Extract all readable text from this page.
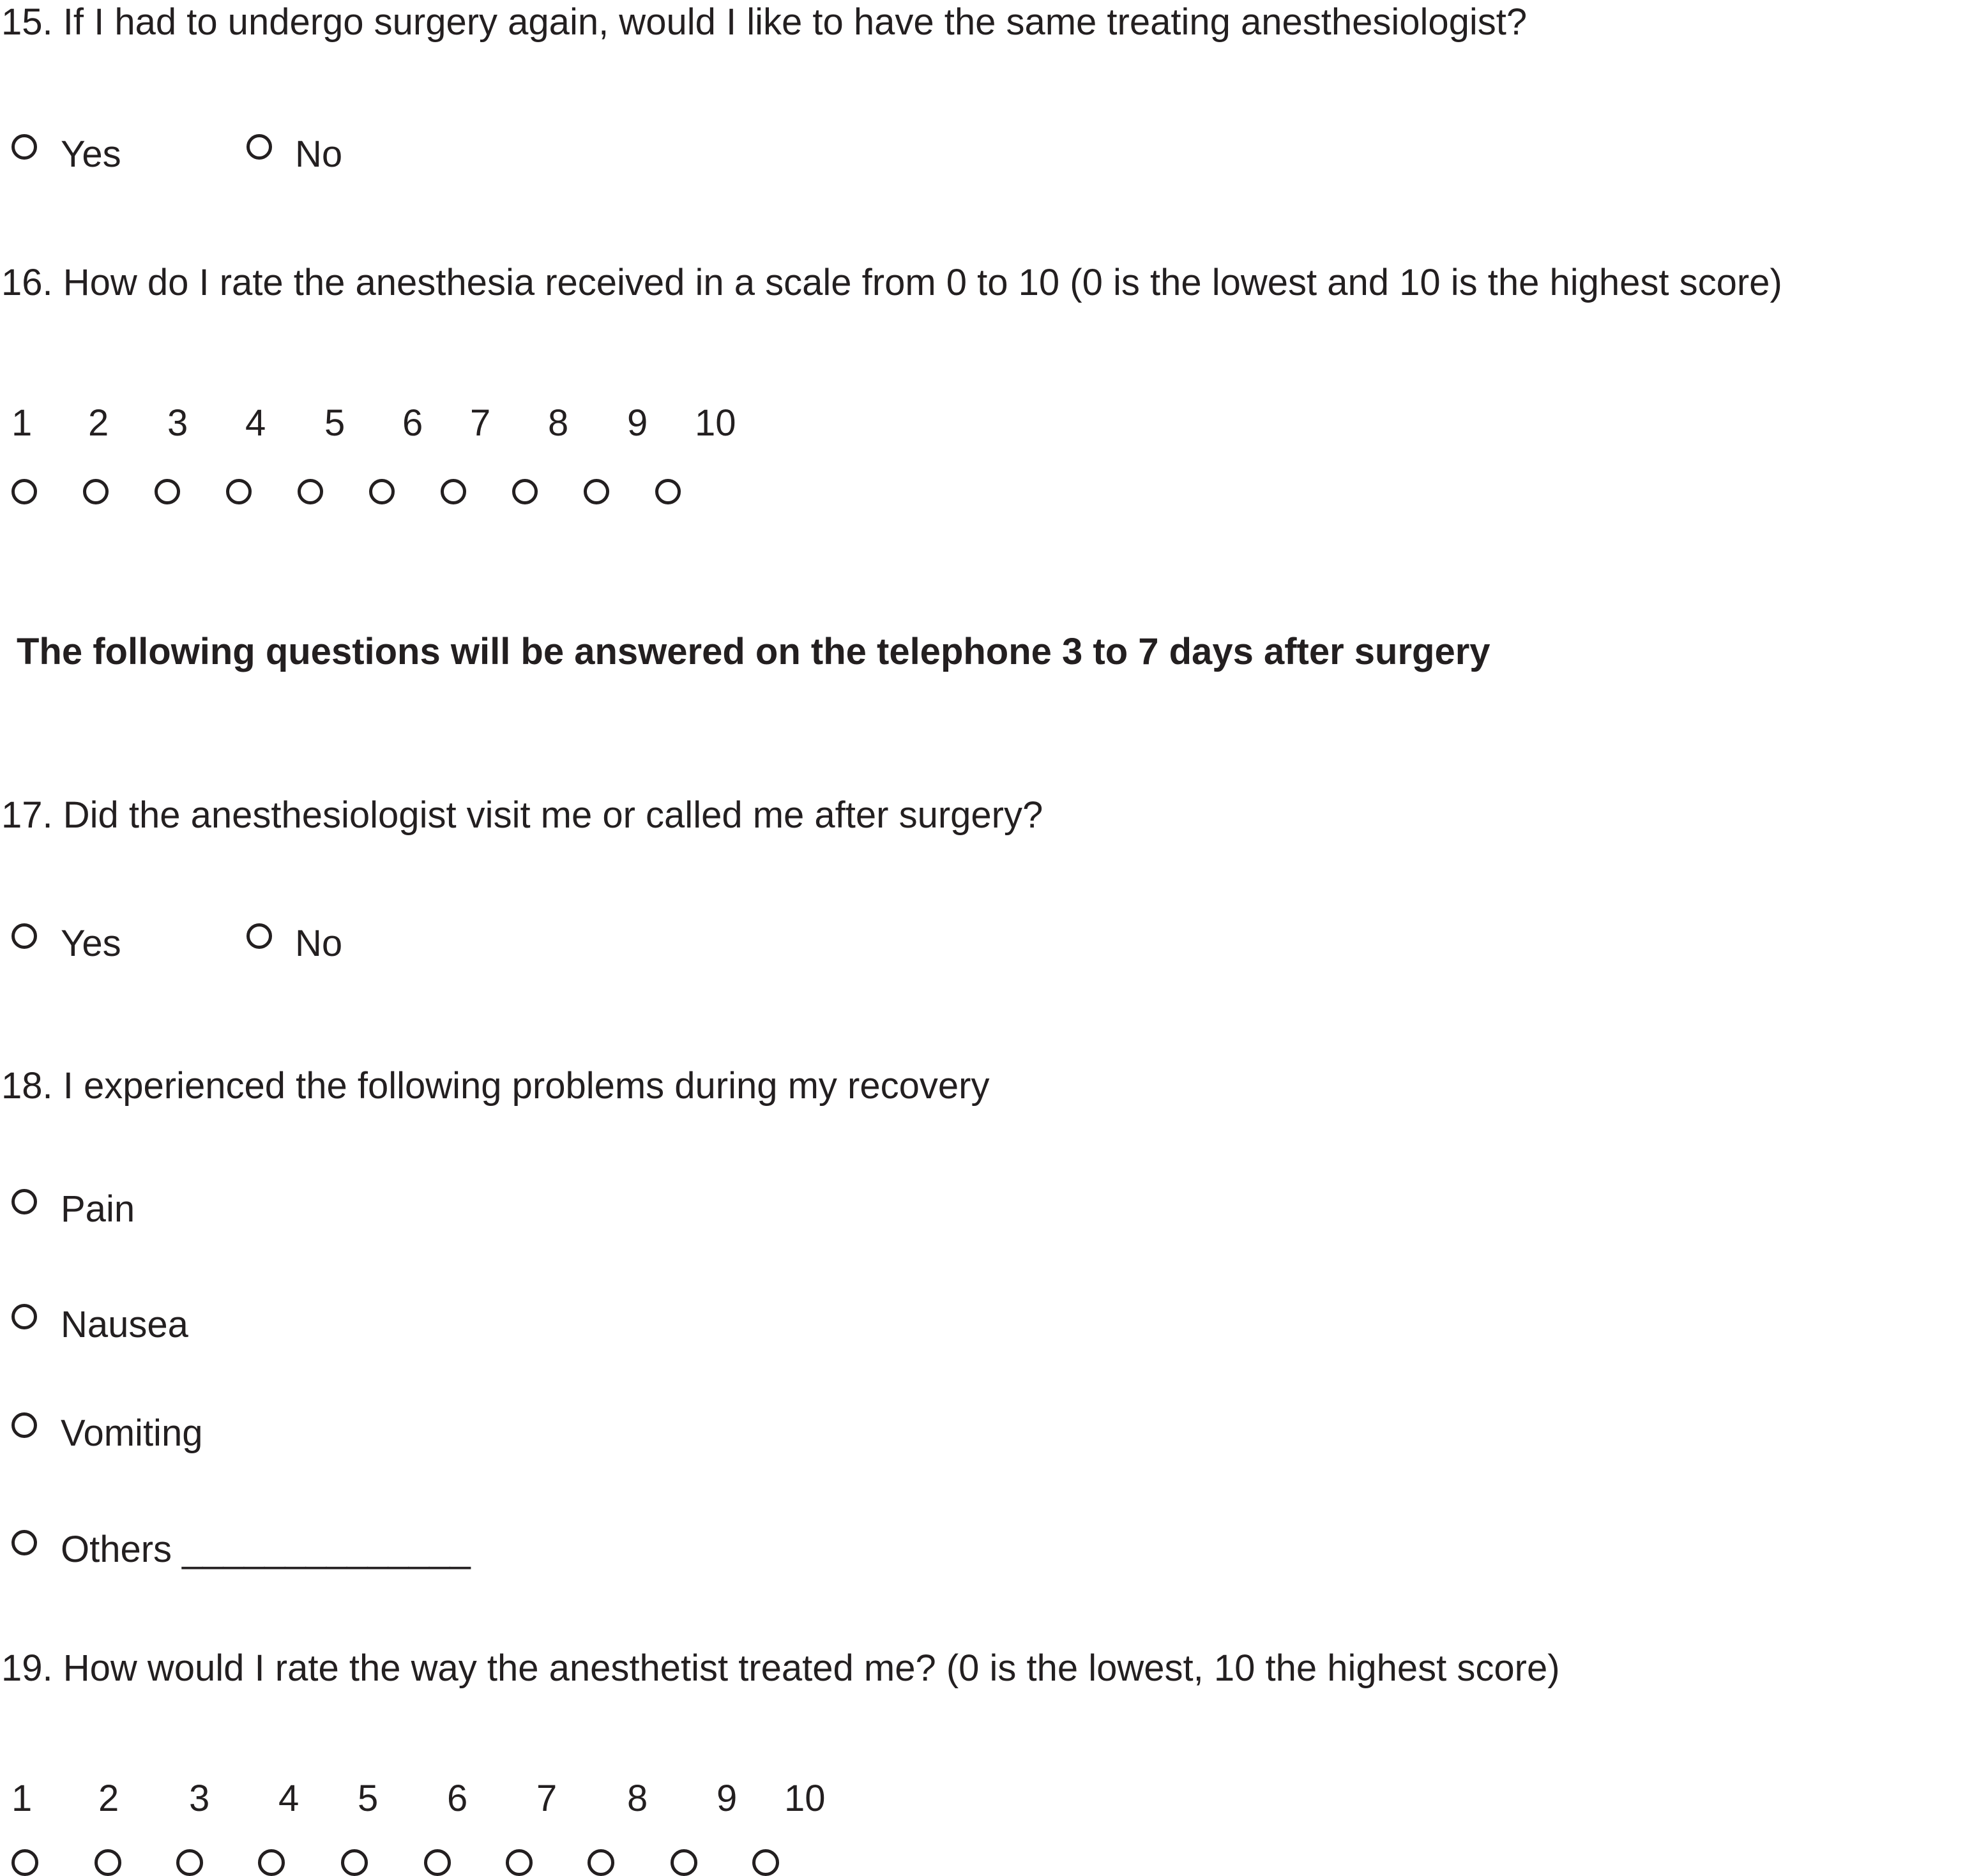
15. If I had to undergo surgery again, would I like to have the same treating anesthesiologist?
Yes	No
16. How do I rate the anesthesia received in a scale from 0 to 10 (0 is the lowest and 10 is the highest score)
1 2 3 4 5 6 7 8 9 10
The following questions will be answered on the telephone 3 to 7 days after surgery
17. Did the anesthesiologist visit me or called me after surgery?
Yes	No
18. I experienced the following problems during my recovery
Pain
Nausea
Vomiting
Others ______________
19. How would I rate the way the anesthetist treated me? (0 is the lowest, 10 the highest score)
1 2 3 4 5 6 7 8 9 10
